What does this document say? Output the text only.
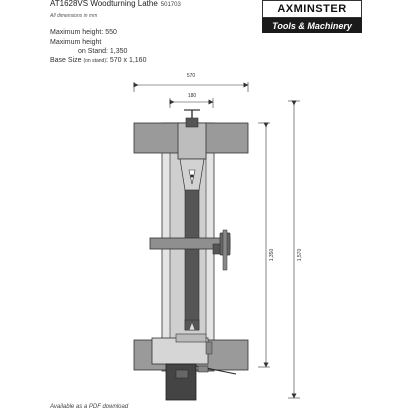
AT1628VS Woodturning Lathe 501703
All dimensions in mm
Maximum height: 550
Maximum height
on Stand: 1,350
Base Size (on stand): 570 x 1,160
AXMINSTER
Tools & Machinery
570
180
1,350	1,570
Available as a PDF download
